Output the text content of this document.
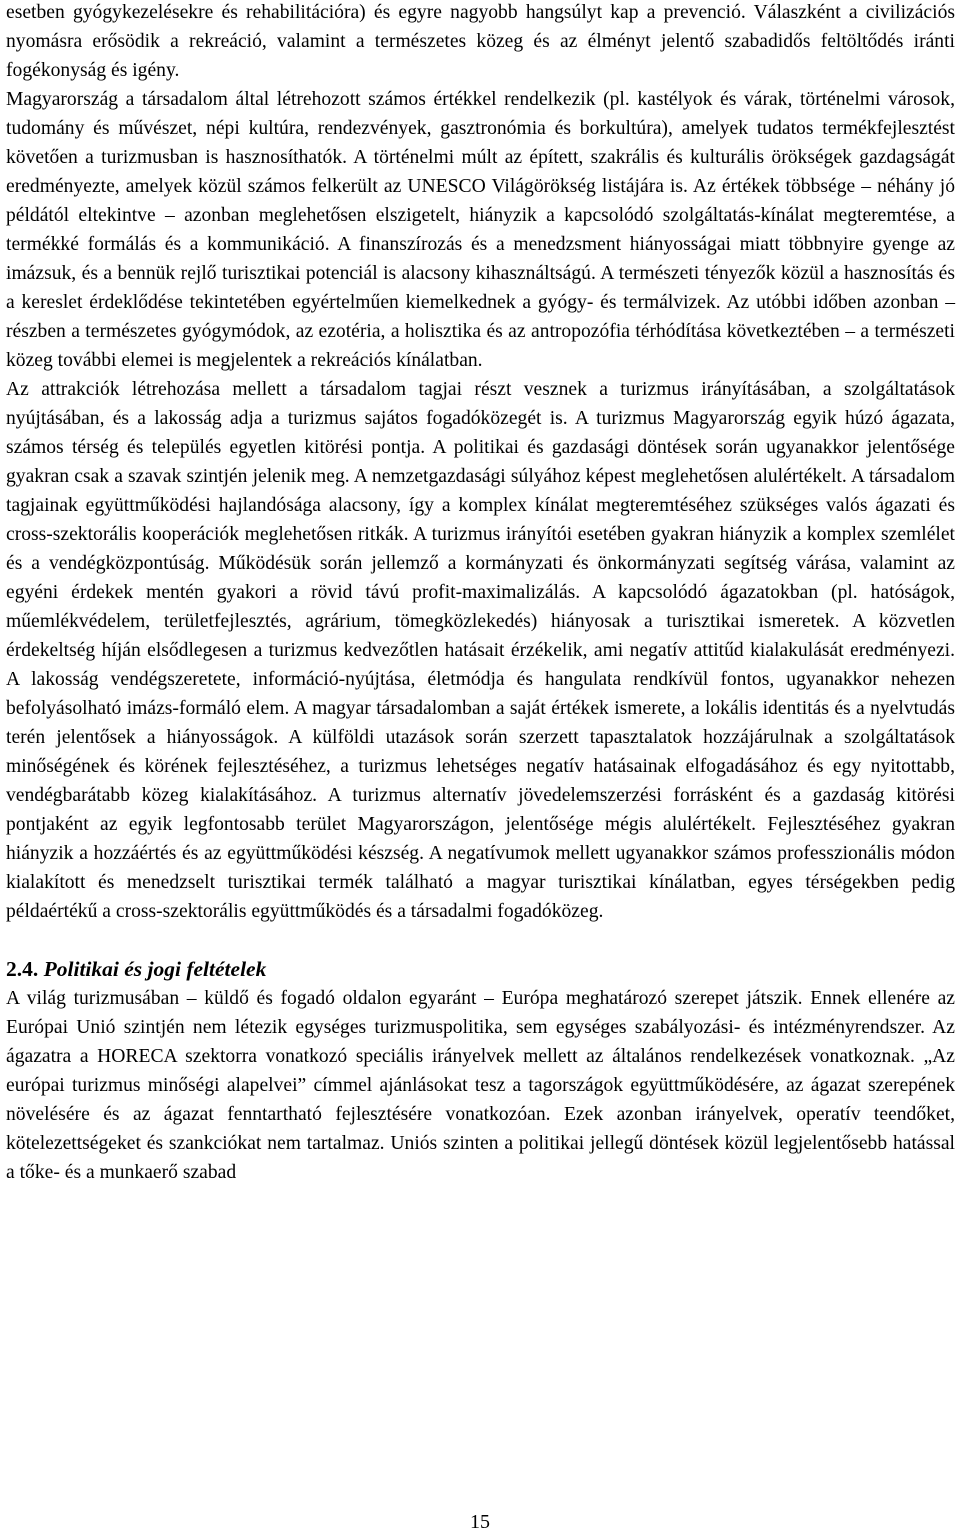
esetben gyógykezelésekre és rehabilitációra) és egyre nagyobb hangsúlyt kap a prevenció. Válaszként a civilizációs nyomásra erősödik a rekreáció, valamint a természetes közeg és az élményt jelentő szabadidős feltöltődés iránti fogékonyság és igény.

Magyarország a társadalom által létrehozott számos értékkel rendelkezik (pl. kastélyok és várak, történelmi városok, tudomány és művészet, népi kultúra, rendezvények, gasztronómia és borkultúra), amelyek tudatos termékfejlesztést követően a turizmusban is hasznosíthatók. A történelmi múlt az épített, szakrális és kulturális örökségek gazdagságát eredményezte, amelyek közül számos felkerült az UNESCO Világörökség listájára is. Az értékek többsége – néhány jó példától eltekintve – azonban meglehetősen elszigetelt, hiányzik a kapcsolódó szolgáltatás-kínálat megteremtése, a termékké formálás és a kommunikáció. A finanszírozás és a menedzsment hiányosságai miatt többnyire gyenge az imázsuk, és a bennük rejlő turisztikai potenciál is alacsony kihasználtságú. A természeti tényezők közül a hasznosítás és a kereslet érdeklődése tekintetében egyértelműen kiemelkednek a gyógy- és termálvizek. Az utóbbi időben azonban – részben a természetes gyógymódok, az ezotéria, a holisztika és az antropozófia térhódítása következtében – a természeti közeg további elemei is megjelentek a rekreációs kínálatban.

Az attrakciók létrehozása mellett a társadalom tagjai részt vesznek a turizmus irányításában, a szolgáltatások nyújtásában, és a lakosság adja a turizmus sajátos fogadóközegét is. A turizmus Magyarország egyik húzó ágazata, számos térség és település egyetlen kitörési pontja. A politikai és gazdasági döntések során ugyanakkor jelentősége gyakran csak a szavak szintjén jelenik meg. A nemzetgazdasági súlyához képest meglehetősen alulértékelt. A társadalom tagjainak együttműködési hajlandósága alacsony, így a komplex kínálat megteremtéséhez szükséges valós ágazati és cross-szektorális kooperációk meglehetősen ritkák. A turizmus irányítói esetében gyakran hiányzik a komplex szemlélet és a vendégközpontúság. Működésük során jellemző a kormányzati és önkormányzati segítség várása, valamint az egyéni érdekek mentén gyakori a rövid távú profit-maximalizálás. A kapcsolódó ágazatokban (pl. hatóságok, műemlékvédelem, területfejlesztés, agrárium, tömegközlekedés) hiányosak a turisztikai ismeretek. A közvetlen érdekeltség híján elsődlegesen a turizmus kedvezőtlen hatásait érzékelik, ami negatív attitűd kialakulását eredményezi. A lakosság vendégszeretete, információ-nyújtása, életmódja és hangulata rendkívül fontos, ugyanakkor nehezen befolyásolható imázs-formáló elem. A magyar társadalomban a saját értékek ismerete, a lokális identitás és a nyelvtudás terén jelentősek a hiányosságok. A külföldi utazások során szerzett tapasztalatok hozzájárulnak a szolgáltatások minőségének és körének fejlesztéséhez, a turizmus lehetséges negatív hatásainak elfogadásához és egy nyitottabb, vendégbarátabb közeg kialakításához. A turizmus alternatív jövedelemszerzési forrásként és a gazdaság kitörési pontjaként az egyik legfontosabb terület Magyarországon, jelentősége mégis alulértékelt. Fejlesztéséhez gyakran hiányzik a hozzáértés és az együttműködési készség. A negatívumok mellett ugyanakkor számos professzionális módon kialakított és menedzselt turisztikai termék található a magyar turisztikai kínálatban, egyes térségekben pedig példaértékű a cross-szektorális együttműködés és a társadalmi fogadóközeg.

2.4. Politikai és jogi feltételek

A világ turizmusában – küldő és fogadó oldalon egyaránt – Európa meghatározó szerepet játszik. Ennek ellenére az Európai Unió szintjén nem létezik egységes turizmuspolitika, sem egységes szabályozási- és intézményrendszer. Az ágazatra a HORECA szektorra vonatkozó speciális irányelvek mellett az általános rendelkezések vonatkoznak. „Az európai turizmus minőségi alapelvei” címmel ajánlásokat tesz a tagországok együttműködésére, az ágazat szerepének növelésére és az ágazat fenntartható fejlesztésére vonatkozóan. Ezek azonban irányelvek, operatív teendőket, kötelezettségeket és szankciókat nem tartalmaz. Uniós szinten a politikai jellegű döntések közül legjelentősebb hatással a tőke- és a munkaerő szabad

15
